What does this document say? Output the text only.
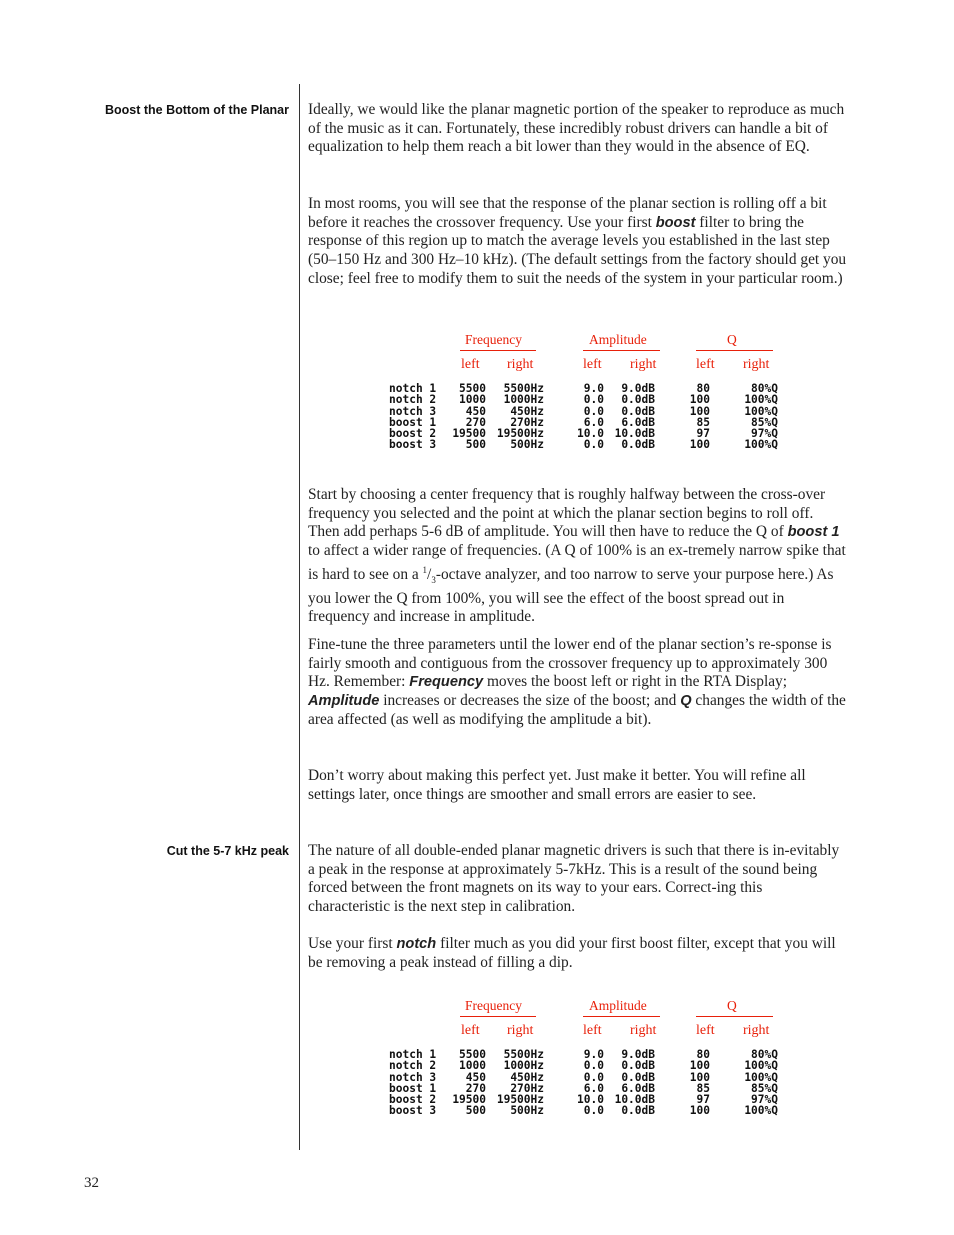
Boost the Bottom of the Planar Ideally, we would like the planar magnetic portion of the speaker to reproduce as much of the music as it can. Fortunately, these incredibly robust drivers can handle a bit of equalization to help them reach a bit lower than they would in the absence of EQ.

In most rooms, you will see that the response of the planar section is rolling off a bit before it reaches the crossover frequency. Use your first boost filter to bring the response of this region up to match the average levels you established in the last step (50–150 Hz and 300 Hz–10 kHz). (The default settings from the factory should get you close; feel free to modify them to suit the needs of the system in your particular room.)

Frequency	Amplitude	Q
left right	left right	left right
notch 1	5500	5500Hz	9.0	9.0dB	80	80%Q
notch 2	1000	1000Hz	0.0	0.0dB	100	100%Q
notch 3	450	450Hz	0.0	0.0dB	100	100%Q
boost 1	270	270Hz	6.0	6.0dB	85	85%Q
boost 2	19500	19500Hz	10.0	10.0dB	97	97%Q
boost 3	500	500Hz	0.0	0.0dB	100	100%Q

Start by choosing a center frequency that is roughly halfway between the cross-over frequency you selected and the point at which the planar section begins to roll off. Then add perhaps 5-6 dB of amplitude. You will then have to reduce the Q of boost 1 to affect a wider range of frequencies. (A Q of 100% is an ex-tremely narrow spike that is hard to see on a $^1/_3$-octave analyzer, and too narrow to serve your purpose here.) As you lower the Q from 100%, you will see the effect of the boost spread out in frequency and increase in amplitude.

Fine-tune the three parameters until the lower end of the planar section’s re-sponse is fairly smooth and contiguous from the crossover frequency up to approximately 300 Hz. Remember: Frequency moves the boost left or right in the RTA Display; Amplitude increases or decreases the size of the boost; and Q changes the width of the area affected (as well as modifying the amplitude a bit).

Don’t worry about making this perfect yet. Just make it better. You will refine all settings later, once things are smoother and small errors are easier to see.

Cut the 5-7 kHz peak The nature of all double-ended planar magnetic drivers is such that there is in-evitably a peak in the response at approximately 5-7kHz. This is a result of the sound being forced between the front magnets on its way to your ears. Correct-ing this characteristic is the next step in calibration.

Use your first notch filter much as you did your first boost filter, except that you will be removing a peak instead of filling a dip.

Frequency	Amplitude	Q
left right	left right	left right
notch 1	5500	5500Hz	9.0	9.0dB	80	80%Q
notch 2	1000	1000Hz	0.0	0.0dB	100	100%Q
notch 3	450	450Hz	0.0	0.0dB	100	100%Q
boost 1	270	270Hz	6.0	6.0dB	85	85%Q
boost 2	19500	19500Hz	10.0	10.0dB	97	97%Q
boost 3	500	500Hz	0.0	0.0dB	100	100%Q
32
